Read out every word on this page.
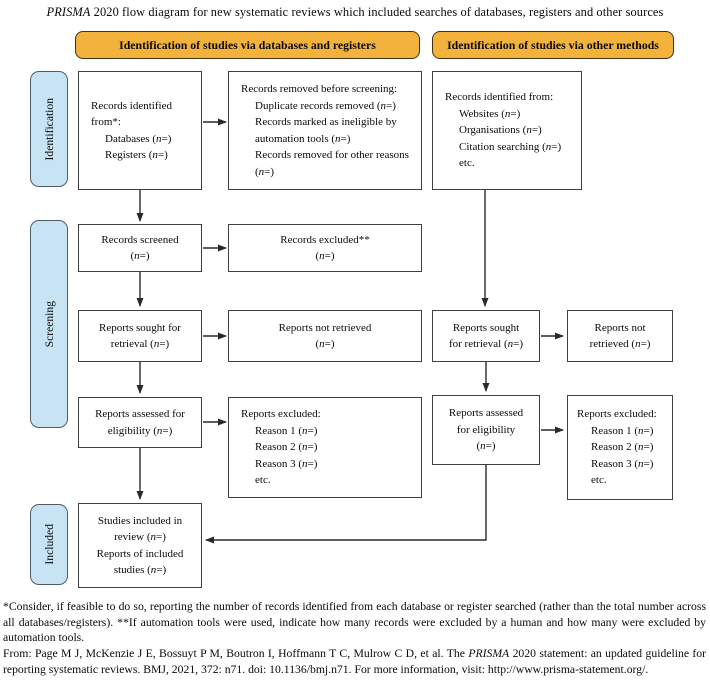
PRISMA 2020 flow diagram for new systematic reviews which included searches of databases, registers and other sources
Identification of studies via databases and registers	Identification of studies via other methods
Identification
Screening
Included
Records identified from*:
Databases (n=)
Registers (n=)
Records removed before screening:
Duplicate records removed (n=)
Records marked as ineligible by automation tools (n=)
Records removed for other reasons (n=)
Records identified from:
Websites (n=)
Organisations (n=)
Citation searching (n=)
etc.
Records screened
(n=)
Records excluded**
(n=)
Reports sought for
retrieval (n=)
Reports not retrieved
(n=)
Reports assessed for
eligibility (n=)
Reports excluded:
Reason 1 (n=)
Reason 2 (n=)
Reason 3 (n=)
etc.
Reports sought
for retrieval (n=)
Reports not
retrieved (n=)
Reports assessed
for eligibility
(n=)
Reports excluded:
Reason 1 (n=)
Reason 2 (n=)
Reason 3 (n=)
etc.
Studies included in
review (n=)
Reports of included
studies (n=)
*Consider, if feasible to do so, reporting the number of records identified from each database or register searched (rather than the total number across all databases/registers). **If automation tools were used, indicate how many records were excluded by a human and how many were excluded by automation tools.
From: Page M J, McKenzie J E, Bossuyt P M, Boutron I, Hoffmann T C, Mulrow C D, et al. The PRISMA 2020 statement: an updated guideline for reporting systematic reviews. BMJ, 2021, 372: n71. doi: 10.1136/bmj.n71. For more information, visit: http://www.prisma-statement.org/.
